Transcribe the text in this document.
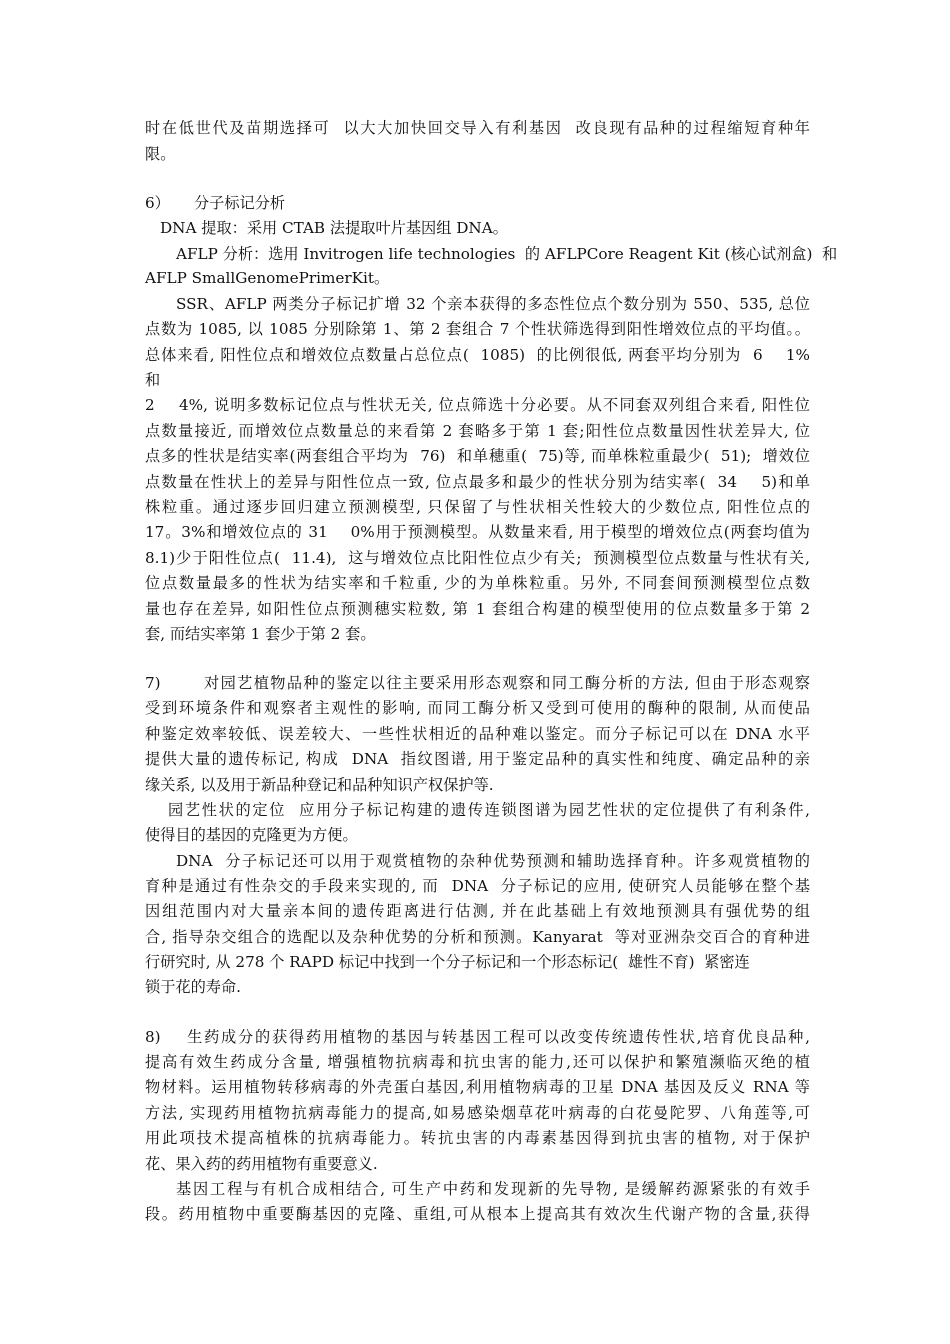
时在低世代及苗期选择可  以大大加快回交导入有利基因  改良现有品种的过程缩短育种年
限。
6）     分子标记分析
DNA 提取：采用 CTAB 法提取叶片基因组 DNA。
AFLP 分析：选用 Invitrogen life technologies  的 AFLPCore Reagent Kit (核心试剂盒)  和
AFLP SmallGenomePrimerKit。
SSR、AFLP 两类分子标记扩增 32 个亲本获得的多态性位点个数分别为 550、535, 总位
点数为 1085, 以 1085 分别除第 1、第 2 套组合 7 个性状筛选得到阳性增效位点的平均值。。
总体来看, 阳性位点和增效位点数量占总位点(  1085)  的比例很低, 两套平均分别为  6    1%
和
2    4%, 说明多数标记位点与性状无关, 位点筛选十分必要。从不同套双列组合来看, 阳性位
点数量接近, 而增效位点数量总的来看第 2 套略多于第 1 套;阳性位点数量因性状差异大, 位
点多的性状是结实率(两套组合平均为  76)  和单穗重(  75)等, 而单株粒重最少(  51);  增效位
点数量在性状上的差异与阳性位点一致, 位点最多和最少的性状分别为结实率(  34    5)和单
株粒重。通过逐步回归建立预测模型, 只保留了与性状相关性较大的少数位点, 阳性位点的
17。3%和增效位点的 31    0%用于预测模型。从数量来看, 用于模型的增效位点(两套均值为
8.1)少于阳性位点(  11.4),  这与增效位点比阳性位点少有关;  预测模型位点数量与性状有关,
位点数量最多的性状为结实率和千粒重, 少的为单株粒重。另外, 不同套间预测模型位点数
量也存在差异, 如阳性位点预测穗实粒数, 第 1 套组合构建的模型使用的位点数量多于第 2
套, 而结实率第 1 套少于第 2 套。
7)       对园艺植物品种的鉴定以往主要采用形态观察和同工酶分析的方法, 但由于形态观察
受到环境条件和观察者主观性的影响, 而同工酶分析又受到可使用的酶种的限制, 从而使品
种鉴定效率较低、误差较大、一些性状相近的品种难以鉴定。而分子标记可以在 DNA 水平
提供大量的遗传标记, 构成  DNA  指纹图谱, 用于鉴定品种的真实性和纯度、确定品种的亲
缘关系, 以及用于新品种登记和品种知识产权保护等.
园艺性状的定位  应用分子标记构建的遗传连锁图谱为园艺性状的定位提供了有利条件,
使得目的基因的克隆更为方便。
DNA  分子标记还可以用于观赏植物的杂种优势预测和辅助选择育种。许多观赏植物的
育种是通过有性杂交的手段来实现的, 而  DNA  分子标记的应用, 使研究人员能够在整个基
因组范围内对大量亲本间的遗传距离进行估测, 并在此基础上有效地预测具有强优势的组
合, 指导杂交组合的选配以及杂种优势的分析和预测。Kanyarat  等对亚洲杂交百合的育种进
行研究时, 从 278 个 RAPD 标记中找到一个分子标记和一个形态标记(  雄性不育)  紧密连
锁于花的寿命.
8)    生药成分的获得药用植物的基因与转基因工程可以改变传统遗传性状,培育优良品种,
提高有效生药成分含量, 增强植物抗病毒和抗虫害的能力,还可以保护和繁殖濒临灭绝的植
物材料。运用植物转移病毒的外壳蛋白基因,利用植物病毒的卫星 DNA 基因及反义 RNA 等
方法, 实现药用植物抗病毒能力的提高,如易感染烟草花叶病毒的白花曼陀罗、八角莲等,可
用此项技术提高植株的抗病毒能力。转抗虫害的内毒素基因得到抗虫害的植物, 对于保护
花、果入药的药用植物有重要意义.
基因工程与有机合成相结合, 可生产中药和发现新的先导物, 是缓解药源紧张的有效手
段。药用植物中重要酶基因的克隆、重组,可从根本上提高其有效次生代谢产物的含量,获得
